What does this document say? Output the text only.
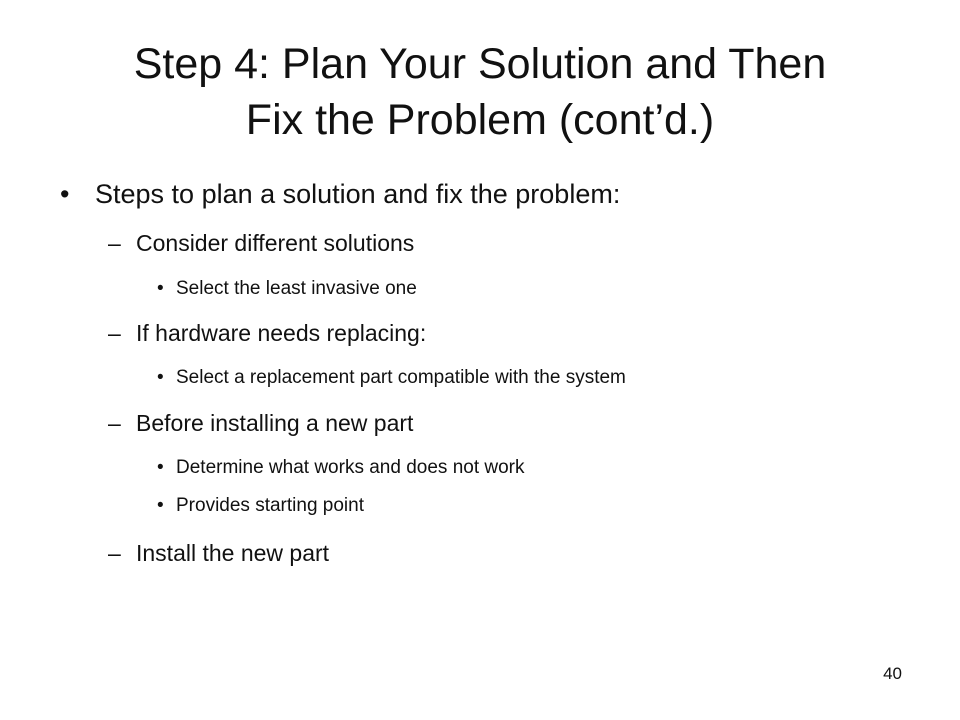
Step 4: Plan Your Solution and Then
Fix the Problem (cont’d.)
• Steps to plan a solution and fix the problem:
– Consider different solutions
• Select the least invasive one
– If hardware needs replacing:
• Select a replacement part compatible with the system
– Before installing a new part
• Determine what works and does not work
• Provides starting point
– Install the new part
40
